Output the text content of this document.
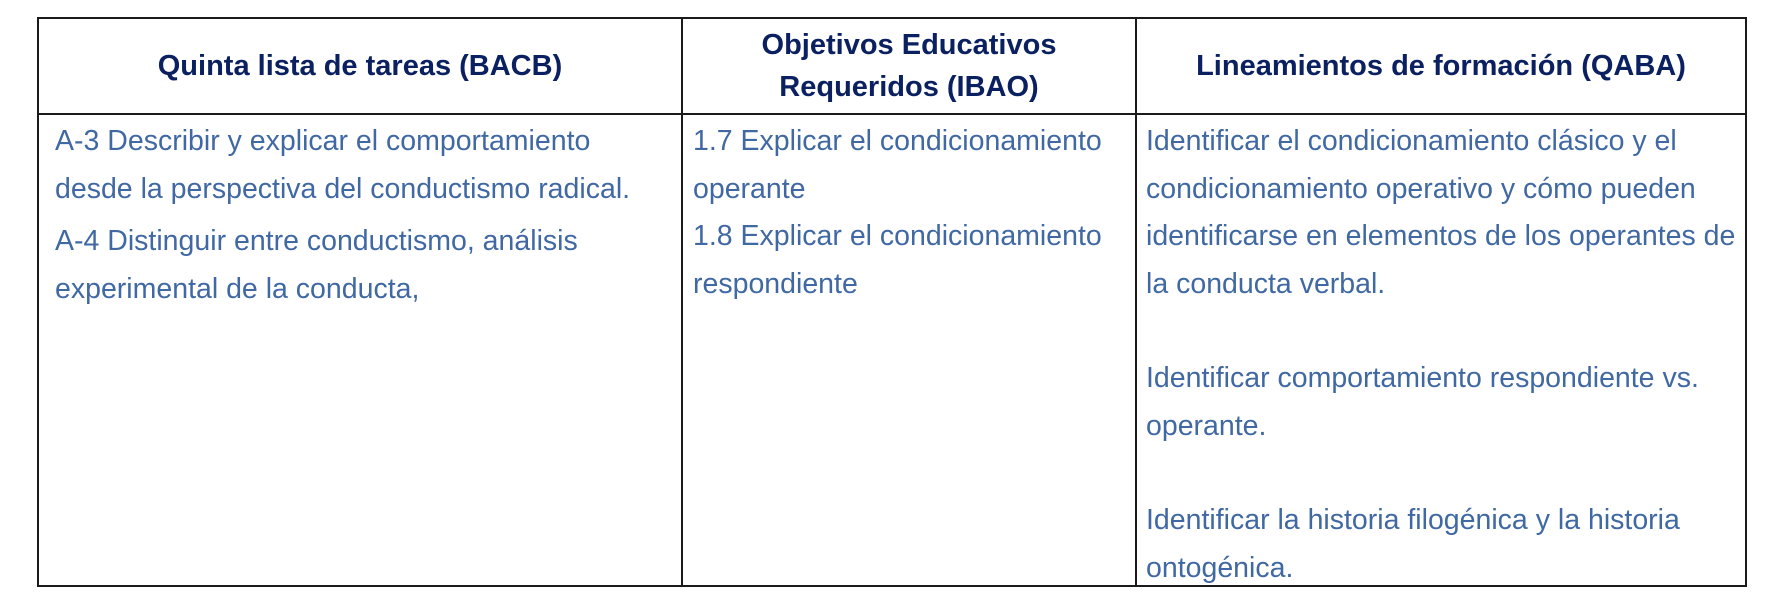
Quinta lista de tareas (BACB)
Objetivos Educativos Requeridos (IBAO)
Lineamientos de formación (QABA)

A-3 Describir y explicar el comportamiento desde la perspectiva del conductismo radical.

A-4 Distinguir entre conductismo, análisis experimental de la conducta,

1.7 Explicar el condicionamiento operante

1.8 Explicar el condicionamiento respondiente

Identificar el condicionamiento clásico y el condicionamiento operativo y cómo pueden identificarse en elementos de los operantes de la conducta verbal.

Identificar comportamiento respondiente vs. operante.

Identificar la historia filogénica y la historia ontogénica.
